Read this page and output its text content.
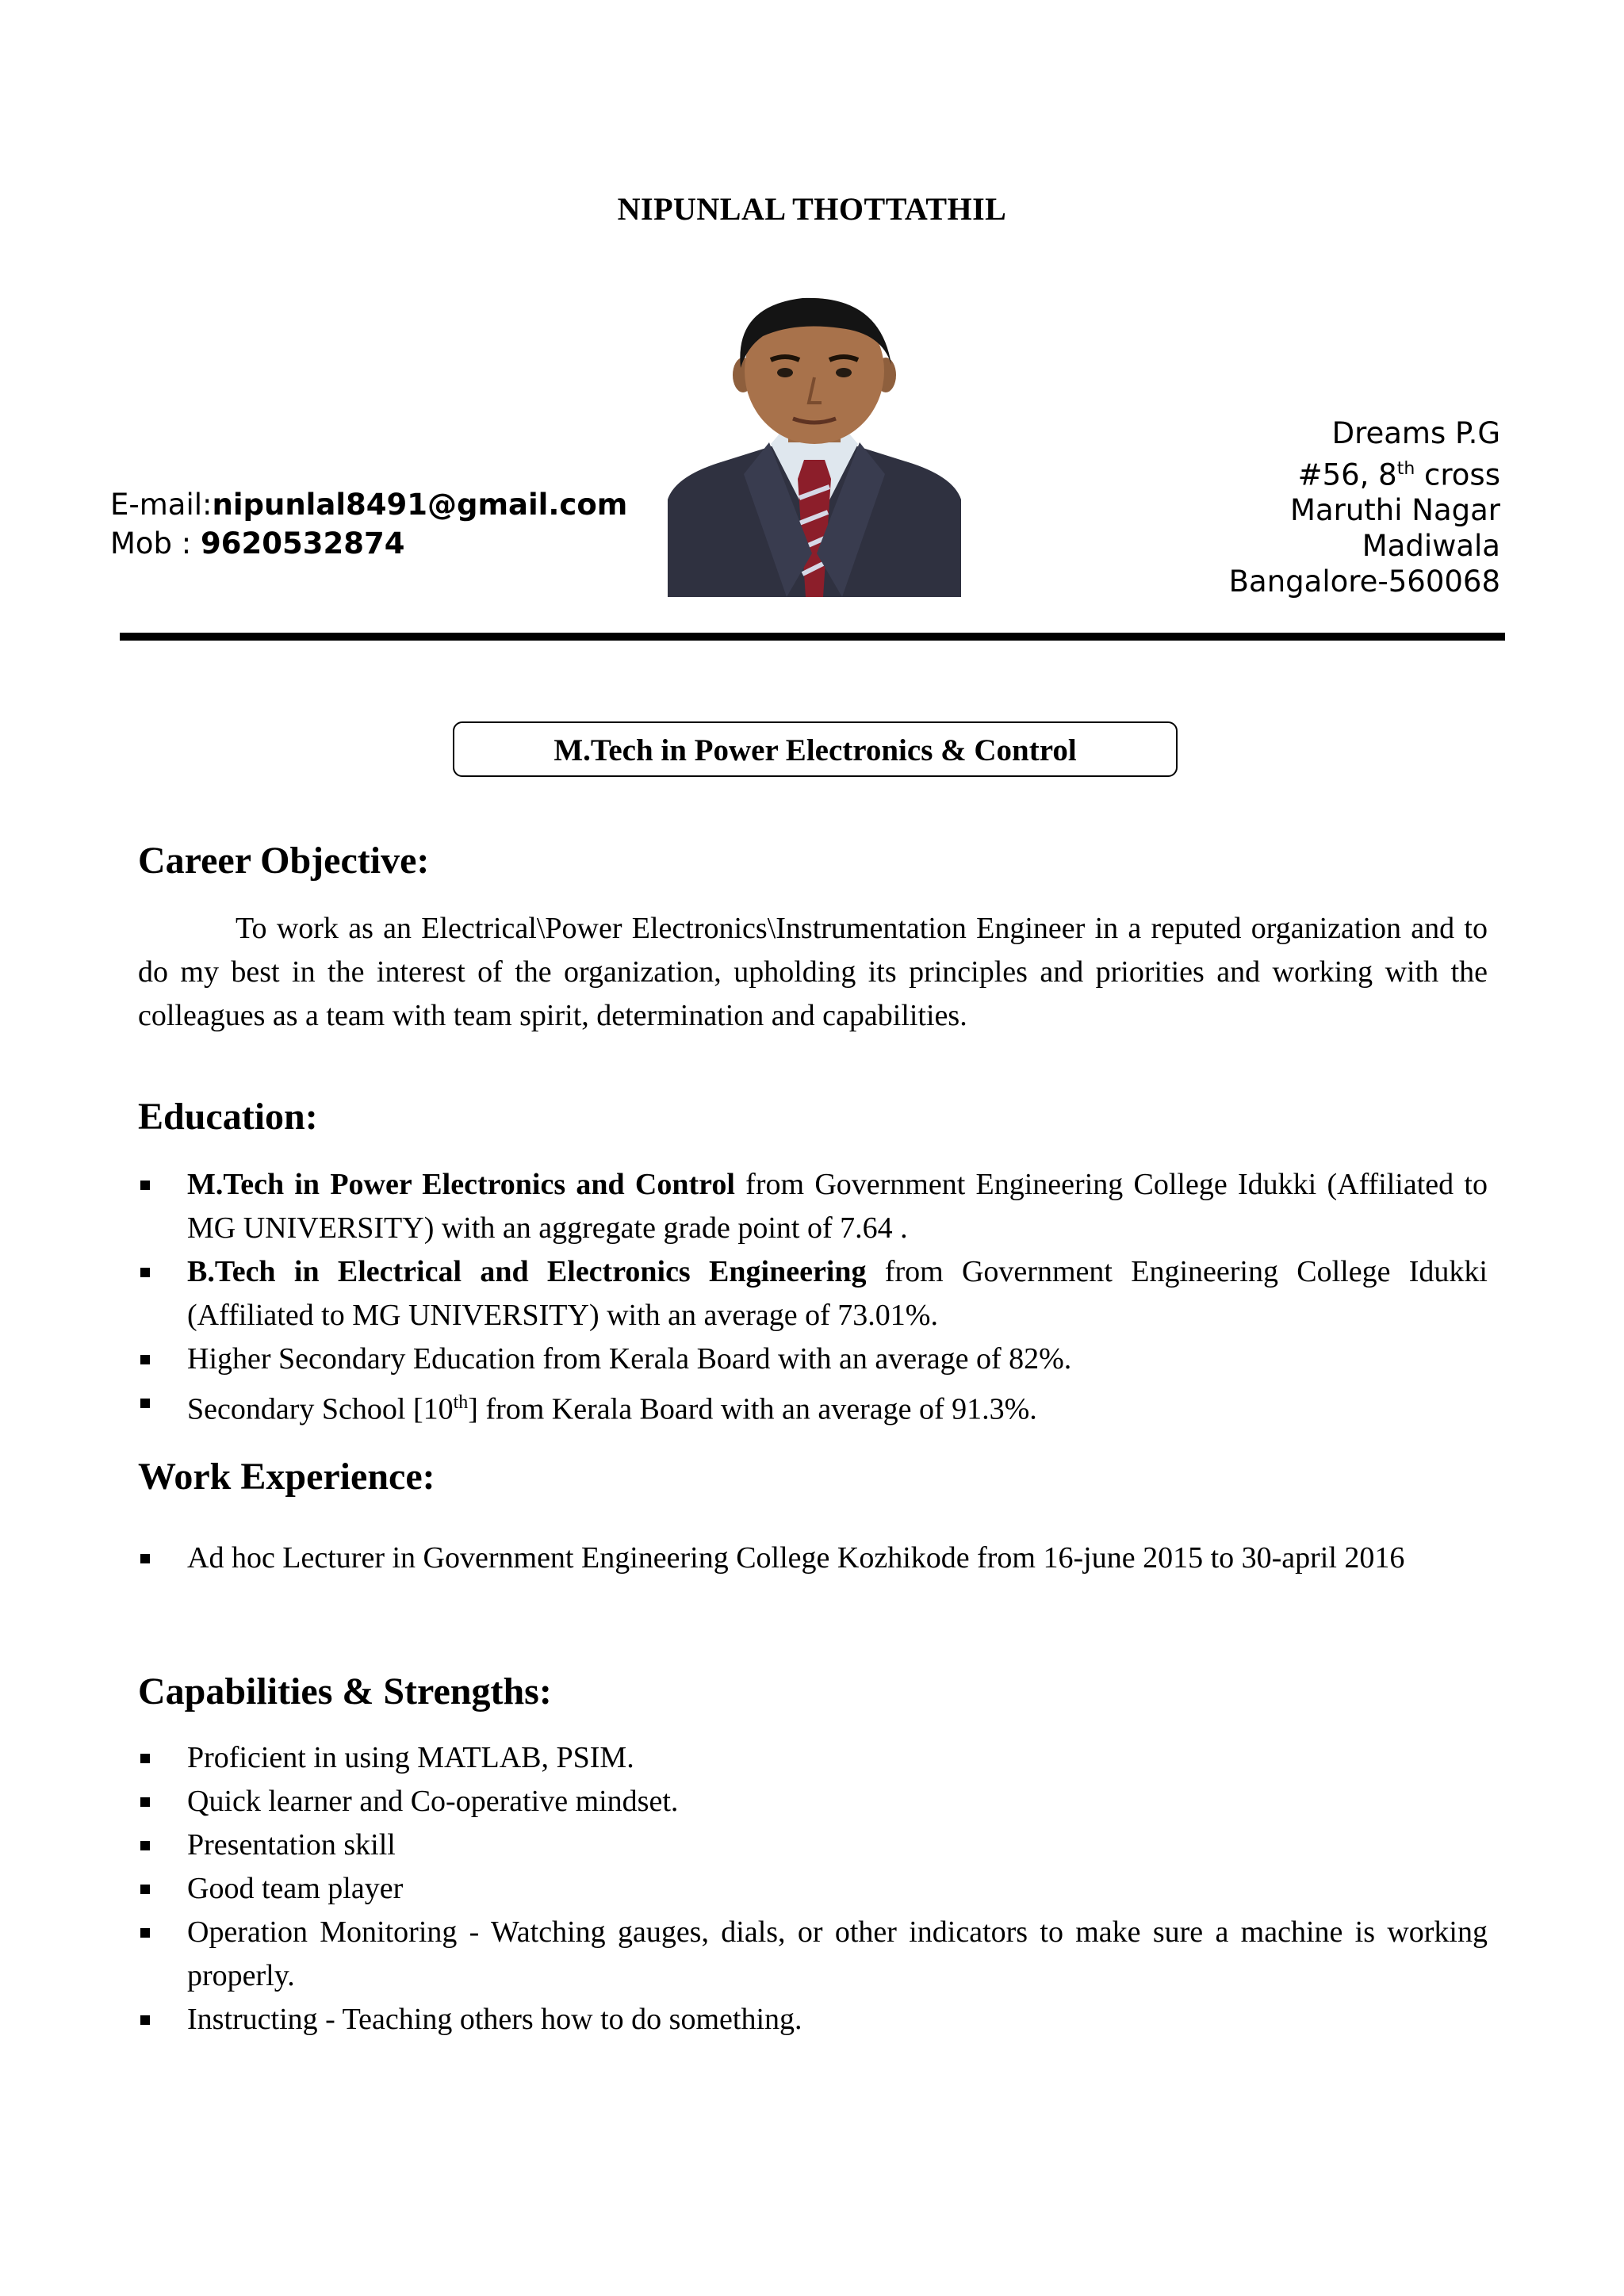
NIPUNLAL THOTTATHIL
E-mail:nipunlal8491@gmail.com
Mob : 9620532874
Dreams P.G
#56, 8th cross
Maruthi Nagar
Madiwala
Bangalore-560068
M.Tech in Power Electronics & Control
Career Objective:
To work as an Electrical\Power Electronics\Instrumentation Engineer in a reputed organization and to do my best in the interest of the organization, upholding its principles and priorities and working with the colleagues as a team with team spirit, determination and capabilities.
Education:
M.Tech in Power Electronics and Control from Government Engineering College Idukki (Affiliated to MG UNIVERSITY) with an aggregate grade point of 7.64 .
B.Tech in Electrical and Electronics Engineering from Government Engineering College Idukki (Affiliated to MG UNIVERSITY) with an average of 73.01%.
Higher Secondary Education from Kerala Board with an average of 82%.
Secondary School [10th] from Kerala Board with an average of 91.3%.
Work Experience:
Ad hoc Lecturer in Government Engineering College Kozhikode from 16-june 2015 to 30-april 2016
Capabilities & Strengths:
Proficient in using MATLAB, PSIM.
Quick learner and Co-operative mindset.
Presentation skill
Good team player
Operation Monitoring - Watching gauges, dials, or other indicators to make sure a machine is working properly.
Instructing - Teaching others how to do something.
